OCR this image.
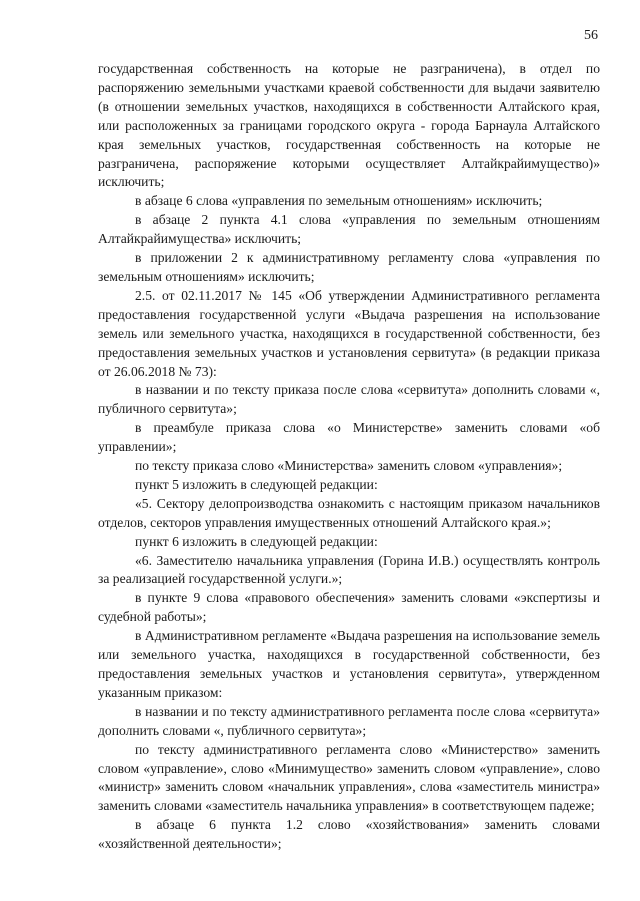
56

государственная собственность на которые не разграничена), в отдел по распоряжению земельными участками краевой собственности для выдачи заявителю (в отношении земельных участков, находящихся в собственности Алтайского края, или расположенных за границами городского округа - города Барнаула Алтайского края земельных участков, государственная собственность на которые не разграничена, распоряжение которыми осуществляет Алтайкрайимущество)» исключить;

в абзаце 6 слова «управления по земельным отношениям» исключить;

в абзаце 2 пункта 4.1 слова «управления по земельным отношениям Алтайкрайимущества» исключить;

в приложении 2 к административному регламенту слова «управления по земельным отношениям» исключить;

2.5. от 02.11.2017 № 145 «Об утверждении Административного регламента предоставления государственной услуги «Выдача разрешения на использование земель или земельного участка, находящихся в государственной собственности, без предоставления земельных участков и установления сервитута» (в редакции приказа от 26.06.2018 № 73):

в названии и по тексту приказа после слова «сервитута» дополнить словами «, публичного сервитута»;

в преамбуле приказа слова «о Министерстве» заменить словами «об управлении»;

по тексту приказа слово «Министерства» заменить словом «управления»;

пункт 5 изложить в следующей редакции:

«5. Сектору делопроизводства ознакомить с настоящим приказом начальников отделов, секторов управления имущественных отношений Алтайского края.»;

пункт 6 изложить в следующей редакции:

«6. Заместителю начальника управления (Горина И.В.) осуществлять контроль за реализацией государственной услуги.»;

в пункте 9 слова «правового обеспечения» заменить словами «экспертизы и судебной работы»;

в Административном регламенте «Выдача разрешения на использование земель или земельного участка, находящихся в государственной собственности, без предоставления земельных участков и установления сервитута», утвержденном указанным приказом:

в названии и по тексту административного регламента после слова «сервитута» дополнить словами «, публичного сервитута»;

по тексту административного регламента слово «Министерство» заменить словом «управление», слово «Минимущество» заменить словом «управление», слово «министр» заменить словом «начальник управления», слова «заместитель министра» заменить словами «заместитель начальника управления» в соответствующем падеже;

в абзаце 6 пункта 1.2 слово «хозяйствования» заменить словами «хозяйственной деятельности»;
